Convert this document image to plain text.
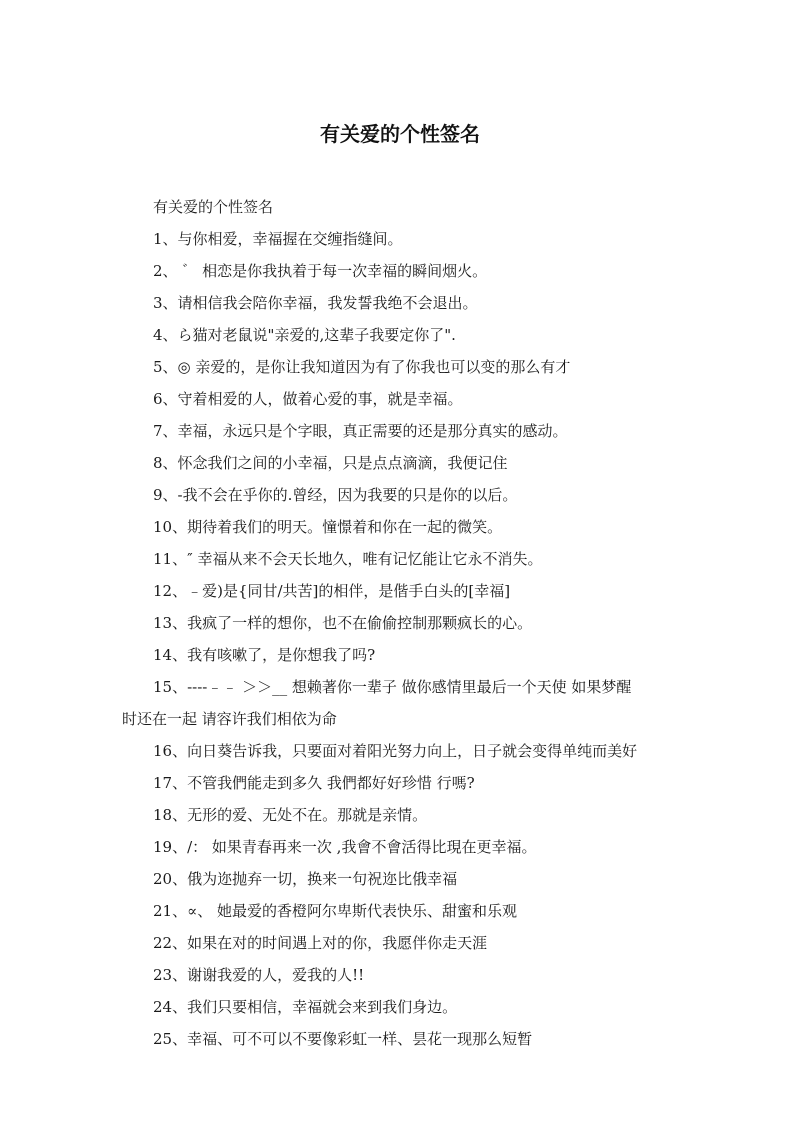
有关爱的个性签名
有关爱的个性签名
1、与你相爱，幸福握在交缠指缝间。
2、 ゛ 相恋是你我执着于每一次幸福的瞬间烟火。
3、请相信我会陪你幸福，我发誓我绝不会退出。
4、ら猫对老鼠说"亲爱的,这辈子我要定你了".
5、◎ 亲爱的，是你让我知道因为有了你我也可以变的那么有才
6、守着相爱的人，做着心爱的事，就是幸福。
7、幸福，永远只是个字眼，真正需要的还是那分真实的感动。
8、怀念我们之间的小幸福，只是点点滴滴，我便记住
9、-我不会在乎你的.曾经，因为我要的只是你的以后。
10、期待着我们的明天。憧憬着和你在一起的微笑。
11、″ 幸福从来不会天长地久，唯有记忆能让它永不消失。
12、﹣爱)是{同甘/共苦]的相伴，是偕手白头的[幸福]
13、我疯了一样的想你，也不在偷偷控制那颗疯长的心。
14、我有咳嗽了，是你想我了吗?
15、----﹣﹣ ＞＞__ 想赖著你一辈子 做你感情里最后一个天使 如果梦醒
时还在一起 请容许我们相依为命
16、向日葵告诉我，只要面对着阳光努力向上，日子就会变得单纯而美好
17、不管我們能走到多久 我們都好好珍惜 行嗎?
18、无形的爱、无处不在。那就是亲情。
19、/： 如果青春再来一次 ,我會不會活得比現在更幸福。
20、俄为迩抛弃一切，换来一句祝迩比俄幸福
21、∝、 她最爱的香橙阿尔卑斯代表快乐、甜蜜和乐观
22、如果在对的时间遇上对的你，我愿伴你走天涯
23、谢谢我爱的人，爱我的人!!
24、我们只要相信，幸福就会来到我们身边。
25、幸福、可不可以不要像彩虹一样、昙花一现那么短暂
